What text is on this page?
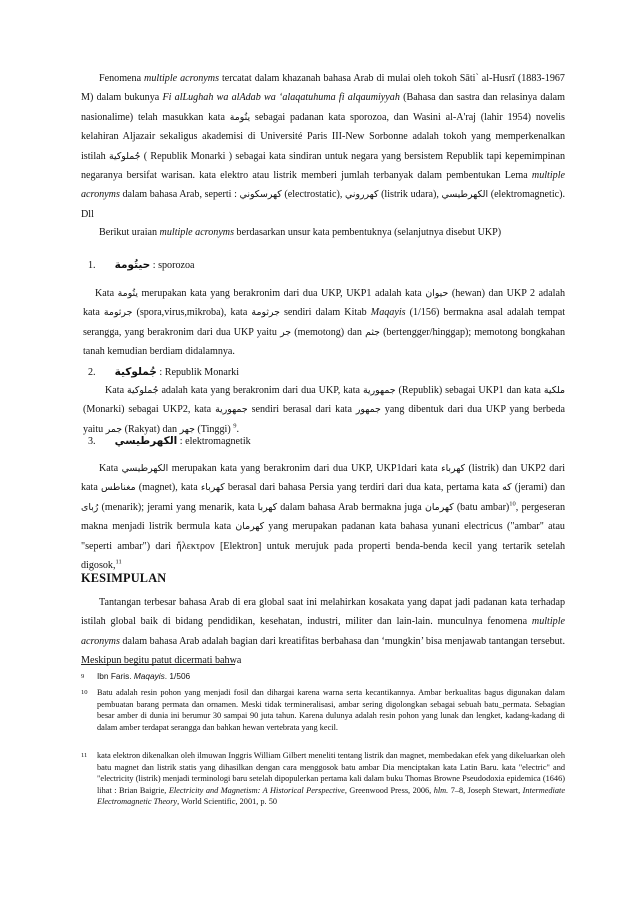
Fenomena multiple acronyms tercatat dalam khazanah bahasa Arab di mulai oleh tokoh Sāti` al-Husrī (1883-1967 M) dalam bukunya Fi alLughah wa alAdab wa ‘alaqatuhuma fi alqaumiyyah (Bahasa dan sastra dan relasinya dalam nasionalime) telah masukkan kata يتُومة sebagai padanan kata sporozoa, dan Wasini al-A'raj (lahir 1954) novelis kelahiran Aljazair sekaligus akademisi di Université Paris III-New Sorbonne adalah tokoh yang memperkenalkan istilah جُملوكية ( Republik Monarki ) sebagai kata sindiran untuk negara yang bersistem Republik tapi kepemimpinan negaranya bersifat warisan. kata elektro atau listrik memberi jumlah terbanyak dalam pembentukan Lema multiple acronyms dalam bahasa Arab, seperti : كهرسكوني (electrostatic), كهرروني (listrik udara), الكهرطيسي (elektromagnetic). Dll

Berikut uraian multiple acronyms berdasarkan unsur kata pembentuknya (selanjutnya disebut UKP)

1. حيتُومة : sporozoa

Kata يتُومة merupakan kata yang berakronim dari dua UKP, UKP1 adalah kata حيوان (hewan) dan UKP 2 adalah kata جرثومة (spora,virus,mikroba), kata جرثومة sendiri dalam Kitab Maqayis (1/156) bermakna asal adalah tempat serangga, yang berakronim dari dua UKP yaitu جر (memotong) dan جثم (bertengger/hinggap); memotong bongkahan tanah kemudian berdiam didalamnya.

2. جُملوكية : Republik Monarki

Kata جُملوكية adalah kata yang berakronim dari dua UKP, kata جمهورية (Republik) sebagai UKP1 dan kata ملكية (Monarki) sebagai UKP2, kata جمهورية sendiri berasal dari kata جمهور yang dibentuk dari dua UKP yang berbeda yaitu جمر (Rakyat) dan جهر (Tinggi) $^9$.

3. الكهرطيسي : elektromagnetik

Kata الكهرطيسي merupakan kata yang berakronim dari dua UKP, UKP1dari kata كهرباء (listrik) dan UKP2 dari kata مغناطس (magnet), kata كهرباء berasal dari bahasa Persia yang terdiri dari dua kata, pertama kata كه (jerami) dan رُباى (menarik); jerami yang menarik, kata كهربا dalam bahasa Arab bermakna juga كهرمان (batu ambar)$^{10}$, pergeseran makna menjadi listrik bermula kata كهرمان yang merupakan padanan kata bahasa yunani electricus ("ambar" atau "seperti ambar") dari ἤλεκτρον [Elektron] untuk merujuk pada properti benda-benda kecil yang tertarik setelah digosok,$^{11}$

KESIMPULAN

Tantangan terbesar bahasa Arab di era global saat ini melahirkan kosakata yang dapat jadi padanan kata terhadap istilah global baik di bidang pendidikan, kesehatan, industri, militer dan lain-lain. munculnya fenomena multiple acronyms dalam bahasa Arab adalah bagian dari kreatifitas berbahasa dan ‘mungkin’ bisa menjawab tantangan tersebut. Meskipun begitu patut dicermati bahwa

9 Ibn Faris. Maqayis. 1/506
10 Batu adalah resin pohon yang menjadi fosil dan dihargai karena warna serta kecantikannya. Ambar berkualitas bagus digunakan dalam pembuatan barang permata dan ornamen. Meski tidak termineralisasi, ambar sering digolongkan sebagai sebuah batu_permata. Sebagian besar amber di dunia ini berumur 30 sampai 90 juta tahun. Karena dulunya adalah resin pohon yang lunak dan lengket, kadang-kadang di dalam amber terdapat serangga dan bahkan hewan vertebrata yang kecil.
11 kata elektron dikenalkan oleh ilmuwan Inggris William Gilbert meneliti tentang listrik dan magnet, membedakan efek yang dikeluarkan oleh batu magnet dan listrik statis yang dihasilkan dengan cara menggosok batu ambar Dia menciptakan kata Latin Baru. kata "electric" and "electricity (listrik) menjadi terminologi baru setelah dipopulerkan pertama kali dalam buku Thomas Browne Pseudodoxia epidemica (1646) lihat : Brian Baigrie, Electricity and Magnetism: A Historical Perspective, Greenwood Press, 2006, hlm. 7–8, Joseph Stewart, Intermediate Electromagnetic Theory, World Scientific, 2001, p. 50
